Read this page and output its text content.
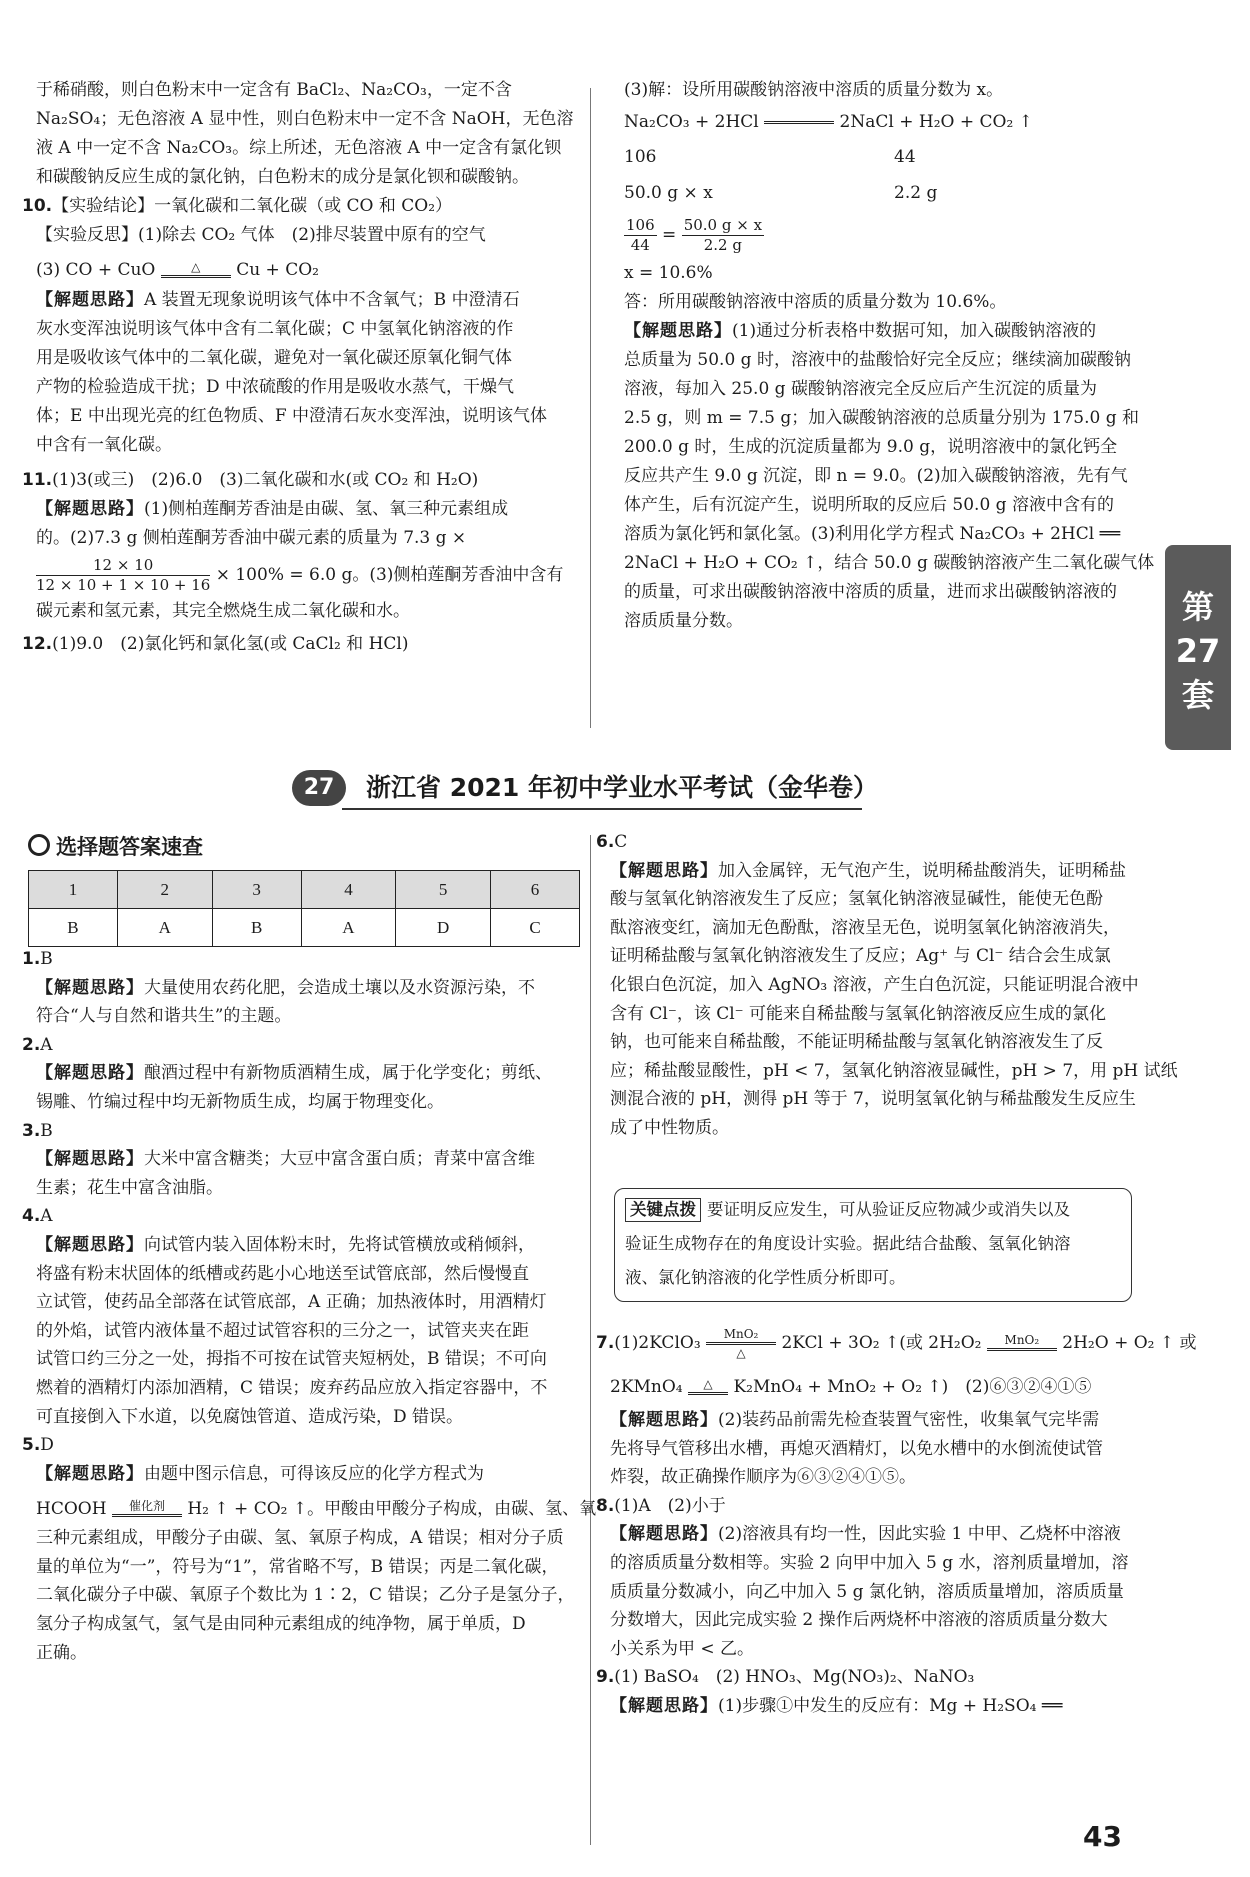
于稀硝酸，则白色粉末中一定含有 BaCl₂、Na₂CO₃，一定不含
Na₂SO₄；无色溶液 A 显中性，则白色粉末中一定不含 NaOH，无色溶
液 A 中一定不含 Na₂CO₃。综上所述，无色溶液 A 中一定含有氯化钡
和碳酸钠反应生成的氯化钠，白色粉末的成分是氯化钡和碳酸钠。
10.【实验结论】一氧化碳和二氧化碳（或 CO 和 CO₂）
【实验反思】(1)除去 CO₂ 气体　(2)排尽装置中原有的空气
(3) CO + CuO	△ Cu + CO₂
【解题思路】A 装置无现象说明该气体中不含氧气；B 中澄清石
灰水变浑浊说明该气体中含有二氧化碳；C 中氢氧化钠溶液的作
用是吸收该气体中的二氧化碳，避免对一氧化碳还原氧化铜气体
产物的检验造成干扰；D 中浓硫酸的作用是吸收水蒸气，干燥气
体；E 中出现光亮的红色物质、F 中澄清石灰水变浑浊，说明该气体
中含有一氧化碳。
11.(1)3(或三)　(2)6.0　(3)二氧化碳和水(或 CO₂ 和 H₂O)
【解题思路】(1)侧柏莲酮芳香油是由碳、氢、氧三种元素组成
的。(2)7.3 g 侧柏莲酮芳香油中碳元素的质量为 7.3 g ×
$\frac{12 \times 10}{12 \times 10 + 1 \times 10 + 16} \times 100\% = 6.0$ g。(3)侧柏莲酮芳香油中含有
碳元素和氢元素，其完全燃烧生成二氧化碳和水。
12.(1)9.0　(2)氯化钙和氯化氢(或 CaCl₂ 和 HCl)
(3)解：设所用碳酸钠溶液中溶质的质量分数为 x。
Na₂CO₃ + 2HCl	2NaCl + H₂O + CO₂ ↑
106	44
50.0 g × x	2.2 g
$\frac{106}{44} = \frac{50.0 g \times x}{2.2 g}$
x = 10.6%
答：所用碳酸钠溶液中溶质的质量分数为 10.6%。
【解题思路】(1)通过分析表格中数据可知，加入碳酸钠溶液的
总质量为 50.0 g 时，溶液中的盐酸恰好完全反应；继续滴加碳酸钠
溶液，每加入 25.0 g 碳酸钠溶液完全反应后产生沉淀的质量为
2.5 g，则 m = 7.5 g；加入碳酸钠溶液的总质量分别为 175.0 g 和
200.0 g 时，生成的沉淀质量都为 9.0 g，说明溶液中的氯化钙全
反应共产生 9.0 g 沉淀，即 n = 9.0。(2)加入碳酸钠溶液，先有气
体产生，后有沉淀产生，说明所取的反应后 50.0 g 溶液中含有的
溶质为氯化钙和氯化氢。(3)利用化学方程式 Na₂CO₃ + 2HCl ══
2NaCl + H₂O + CO₂ ↑，结合 50.0 g 碳酸钠溶液产生二氧化碳气体
的质量，可求出碳酸钠溶液中溶质的质量，进而求出碳酸钠溶液的
溶质质量分数。	第
27
套
27	浙江省 2021 年初中学业水平考试（金华卷）
选择题答案速查
1	2	3	4	5	6
B	A	B	A	D	C
1.B
【解题思路】大量使用农药化肥，会造成土壤以及水资源污染，不
符合“人与自然和谐共生”的主题。
2.A
【解题思路】酿酒过程中有新物质酒精生成，属于化学变化；剪纸、
锡雕、竹编过程中均无新物质生成，均属于物理变化。
3.B
【解题思路】大米中富含糖类；大豆中富含蛋白质；青菜中富含维
生素；花生中富含油脂。
4.A
【解题思路】向试管内装入固体粉末时，先将试管横放或稍倾斜，
将盛有粉末状固体的纸槽或药匙小心地送至试管底部，然后慢慢直
立试管，使药品全部落在试管底部，A 正确；加热液体时，用酒精灯
的外焰，试管内液体量不超过试管容积的三分之一，试管夹夹在距
试管口约三分之一处，拇指不可按在试管夹短柄处，B 错误；不可向
燃着的酒精灯内添加酒精，C 错误；废弃药品应放入指定容器中，不
可直接倒入下水道，以免腐蚀管道、造成污染，D 错误。
5.D
【解题思路】由题中图示信息，可得该反应的化学方程式为
HCOOH 催化剂 H₂ ↑ + CO₂ ↑。甲酸由甲酸分子构成，由碳、氢、氧
三种元素组成，甲酸分子由碳、氢、氧原子构成，A 错误；相对分子质
量的单位为“一”，符号为“1”，常省略不写，B 错误；丙是二氧化碳，
二氧化碳分子中碳、氧原子个数比为 1∶2，C 错误；乙分子是氢分子，
氢分子构成氢气，氢气是由同种元素组成的纯净物，属于单质，D
正确。
6.C
【解题思路】加入金属锌，无气泡产生，说明稀盐酸消失，证明稀盐
酸与氢氧化钠溶液发生了反应；氢氧化钠溶液显碱性，能使无色酚
酞溶液变红，滴加无色酚酞，溶液呈无色，说明氢氧化钠溶液消失，
证明稀盐酸与氢氧化钠溶液发生了反应；Ag⁺ 与 Cl⁻ 结合会生成氯
化银白色沉淀，加入 AgNO₃ 溶液，产生白色沉淀，只能证明混合液中
含有 Cl⁻，该 Cl⁻ 可能来自稀盐酸与氢氧化钠溶液反应生成的氯化
钠，也可能来自稀盐酸，不能证明稀盐酸与氢氧化钠溶液发生了反
应；稀盐酸显酸性，pH < 7，氢氧化钠溶液显碱性，pH > 7，用 pH 试纸
测混合液的 pH，测得 pH 等于 7，说明氢氧化钠与稀盐酸发生反应生
成了中性物质。
关键点拨 要证明反应发生，可从验证反应物减少或消失以及
验证生成物存在的角度设计实验。据此结合盐酸、氢氧化钠溶
液、氯化钠溶液的化学性质分析即可。
7.(1)2KClO₃ MnO₂
△ 2KCl + 3O₂ ↑(或 2H₂O₂ MnO₂ 2H₂O + O₂ ↑ 或
2KMnO₄ △ K₂MnO₄ + MnO₂ + O₂ ↑)　(2)⑥③②④①⑤
【解题思路】(2)装药品前需先检查装置气密性，收集氧气完毕需
先将导气管移出水槽，再熄灭酒精灯，以免水槽中的水倒流使试管
炸裂，故正确操作顺序为⑥③②④①⑤。
8.(1)A　(2)小于
【解题思路】(2)溶液具有均一性，因此实验 1 中甲、乙烧杯中溶液
的溶质质量分数相等。实验 2 向甲中加入 5 g 水，溶剂质量增加，溶
质质量分数减小，向乙中加入 5 g 氯化钠，溶质质量增加，溶质质量
分数增大，因此完成实验 2 操作后两烧杯中溶液的溶质质量分数大
小关系为甲 < 乙。
9.(1) BaSO₄　(2) HNO₃、Mg(NO₃)₂、NaNO₃
【解题思路】(1)步骤①中发生的反应有：Mg + H₂SO₄ ══
43
